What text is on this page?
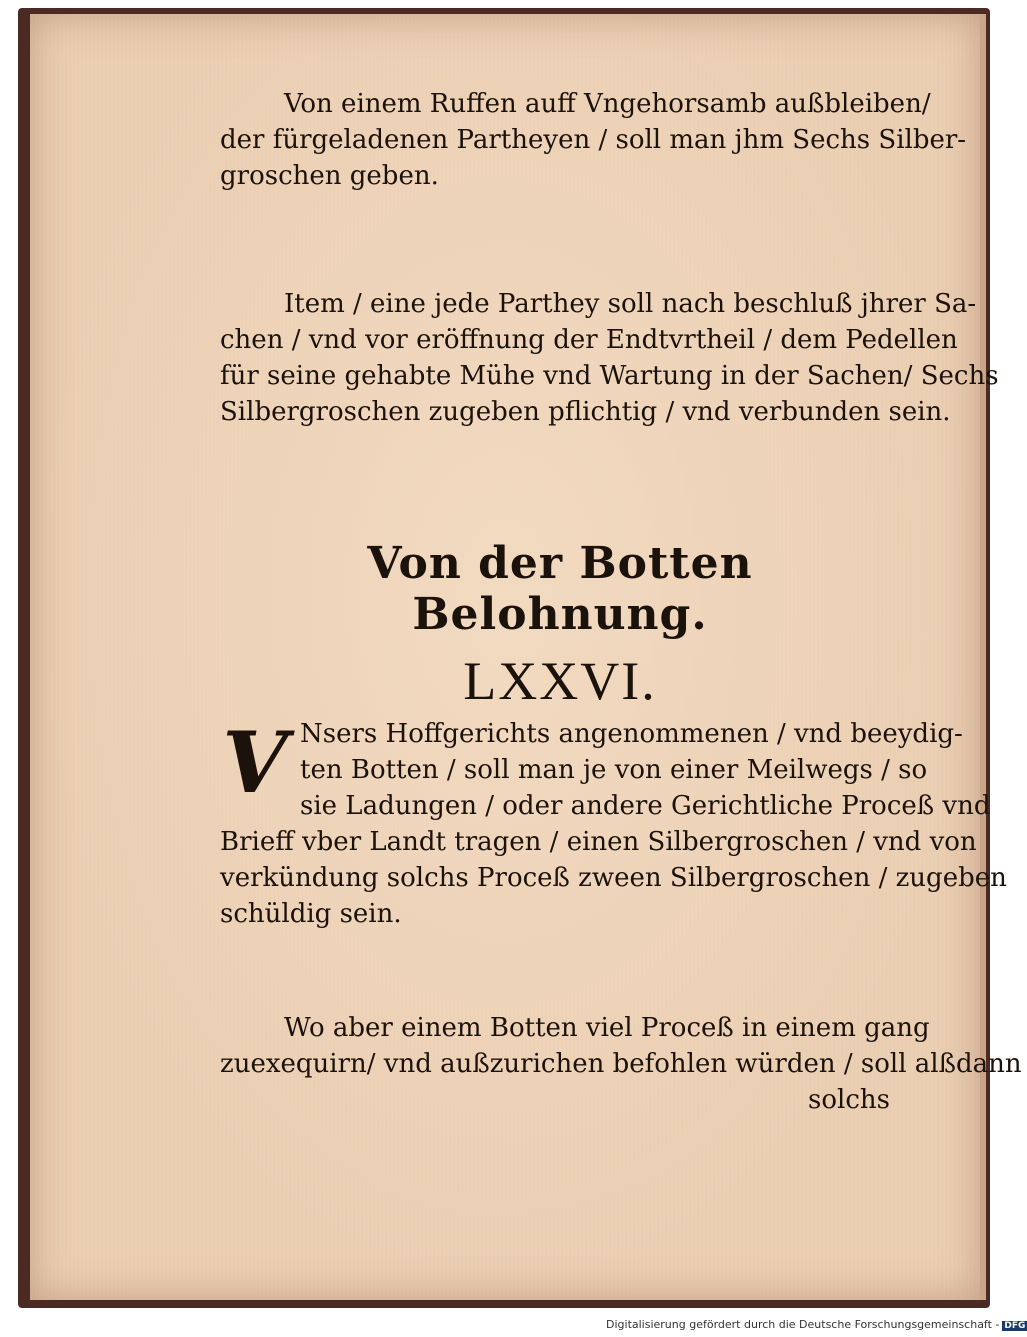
Von einem Ruffen auff Vngehorsamb außbleiben/
der fürgeladenen Partheyen / soll man jhm Sechs Silber-
groschen geben.
Item / eine jede Parthey soll nach beschluß jhrer Sa-
chen / vnd vor eröffnung der Endtvrtheil / dem Pedellen
für seine gehabte Mühe vnd Wartung in der Sachen/ Sechs
Silbergroschen zugeben pflichtig / vnd verbunden sein.
Von der Botten Belohnung.
LXXVI.
V Nsers Hoffgerichts angenommenen / vnd beeydig-
ten Botten / soll man je von einer Meilwegs / so
sie Ladungen / oder andere Gerichtliche Proceß vnd
Brieff vber Landt tragen / einen Silbergroschen / vnd von
verkündung solchs Proceß zween Silbergroschen / zugeben
schüldig sein.
Wo aber einem Botten viel Proceß in einem gang
zuexequirn/ vnd außzurichen befohlen würden / soll alßdann
solchs
Digitalisierung gefördert durch die Deutsche Forschungsgemeinschaft - DFG
